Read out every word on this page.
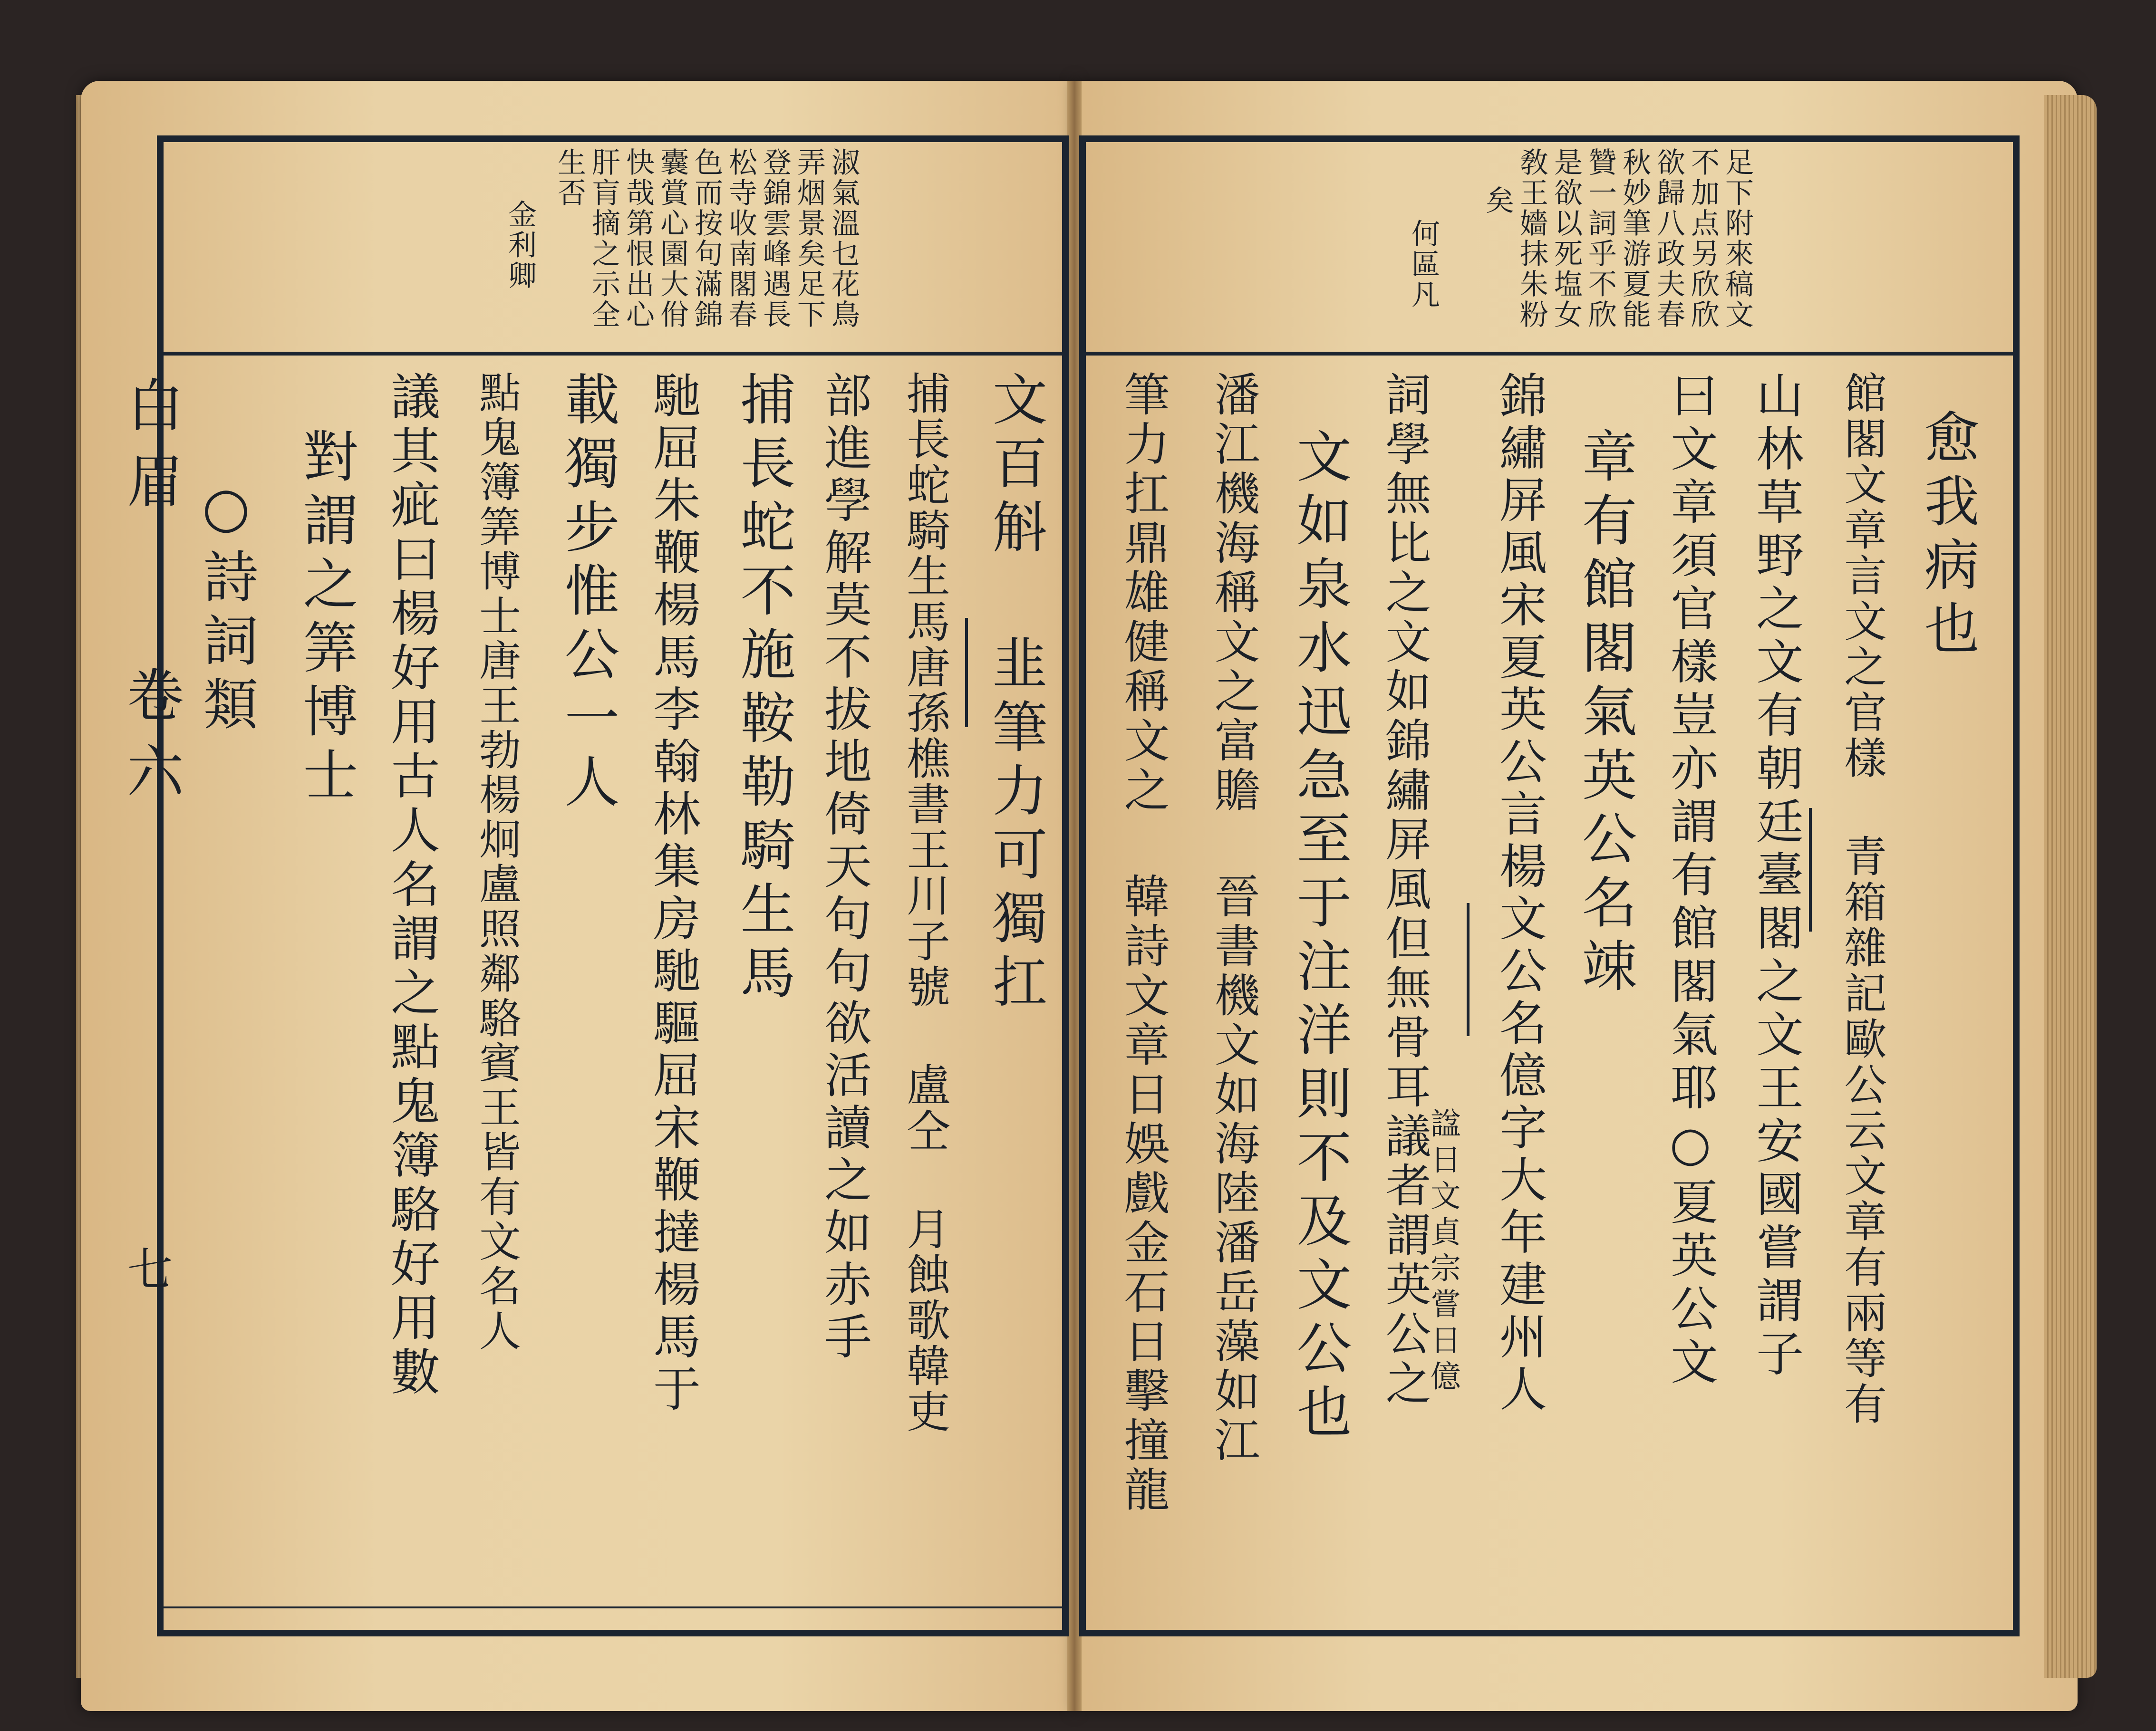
白眉
卷六
七
淑氣溫乜花鳥
弄烟景矣足下
登錦雲峰遇長
松寺收南閣春
色而按句滿錦
囊賞心園大佾
快哉第恨出心
肝肓摘之示全
生否
金利卿
文百斛 韭筆力可獨扛
捕長蛇騎生馬唐孫樵書王川子號 盧仝 月蝕歌韓吏
部進學解莫不拔地倚天句句欲活讀之如赤手
捕長蛇不施鞍勒騎生馬
馳屈朱鞭楊馬李翰林集房馳驅屈宋鞭撻楊馬于
載獨步惟公一人
點鬼簿筭博士唐王勃楊炯盧照鄰駱賓王皆有文名人
議其疵曰楊好用古人名謂之點鬼簿駱好用數
對謂之筭博士
○詩詞類
足下附來稿文
不加点另欣欣
欲歸八政夫春
秋妙筆游夏能
贊一詞乎不欣
是欲以死塩女
敎王嬙抹朱粉
矣
何區凡
愈我病也
館閣文章言文之官樣 青箱雜記歐公云文章有兩等有
山林草野之文有朝廷臺閣之文王安國嘗謂子
曰文章須官樣豈亦謂有館閣氣耶○夏英公文
章有館閣氣英公名竦
錦繡屏風宋夏英公言楊文公名億字大年建州人
諡日文貞宗嘗日億
詞學無比之文如錦繡屏風但無骨耳議者謂英公之
文如泉水迅急至于注洋則不及文公也
潘江機海稱文之富贍 晉書機文如海陸潘岳藻如江
筆力扛鼎雄健稱文之 韓詩文章日娛戲金石日擊撞龍
